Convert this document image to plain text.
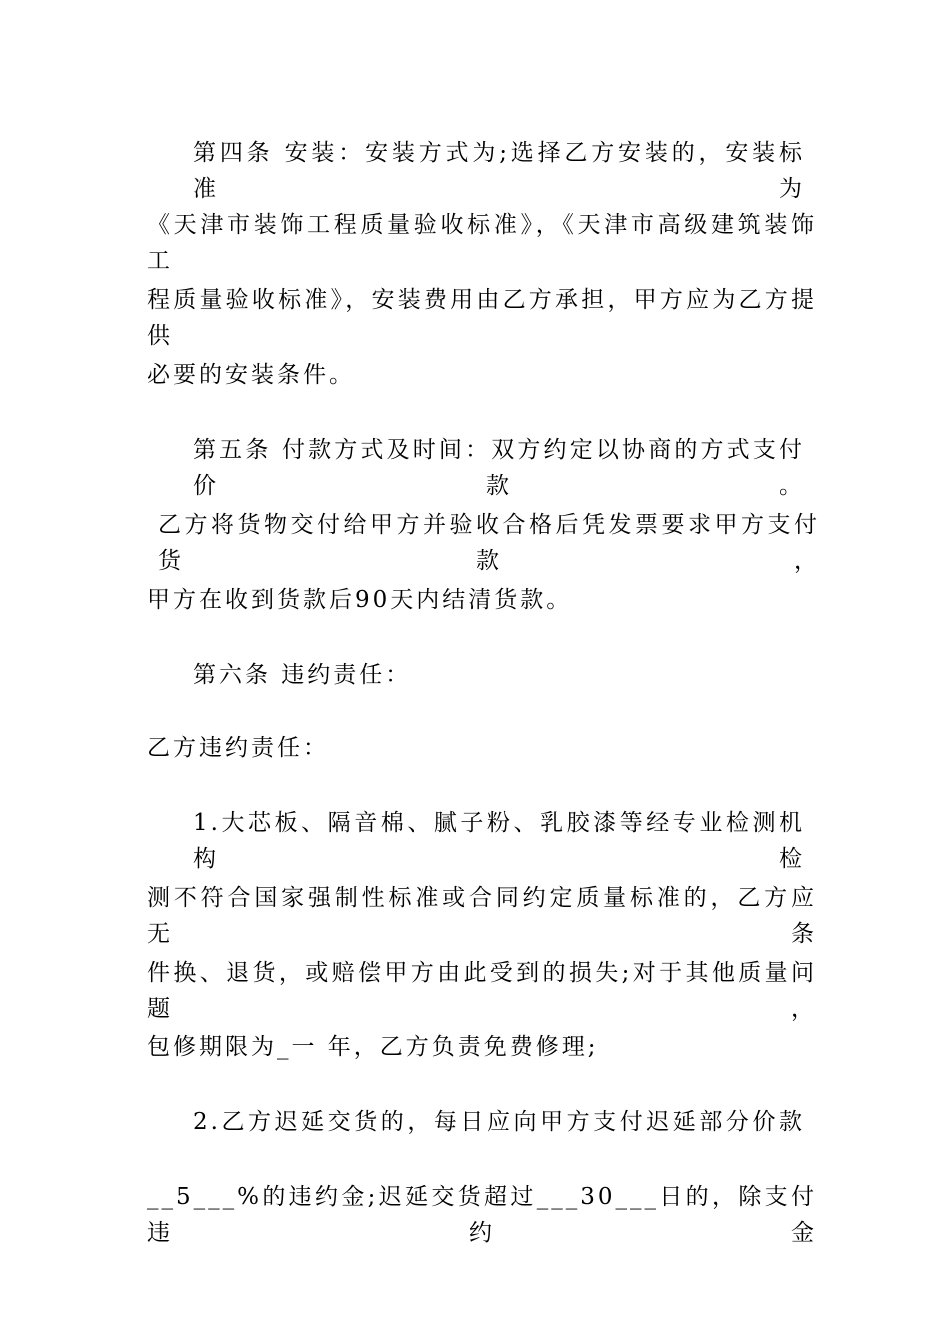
第四条 安装：安装方式为;选择乙方安装的，安装标准为
《天津市装饰工程质量验收标准》，《天津市高级建筑装饰工
程质量验收标准》，安装费用由乙方承担，甲方应为乙方提供
必要的安装条件。
第五条 付款方式及时间：双方约定以协商的方式支付价款。
乙方将货物交付给甲方并验收合格后凭发票要求甲方支付货款，
甲方在收到货款后90天内结清货款。
第六条 违约责任：
乙方违约责任：
1.大芯板、隔音棉、腻子粉、乳胶漆等经专业检测机构检
测不符合国家强制性标准或合同约定质量标准的，乙方应无条
件换、退货，或赔偿甲方由此受到的损失;对于其他质量问题，
包修期限为_一 年，乙方负责免费修理;
2.乙方迟延交货的，每日应向甲方支付迟延部分价款
__5___%的违约金;迟延交货超过___30___日的，除支付违约金
